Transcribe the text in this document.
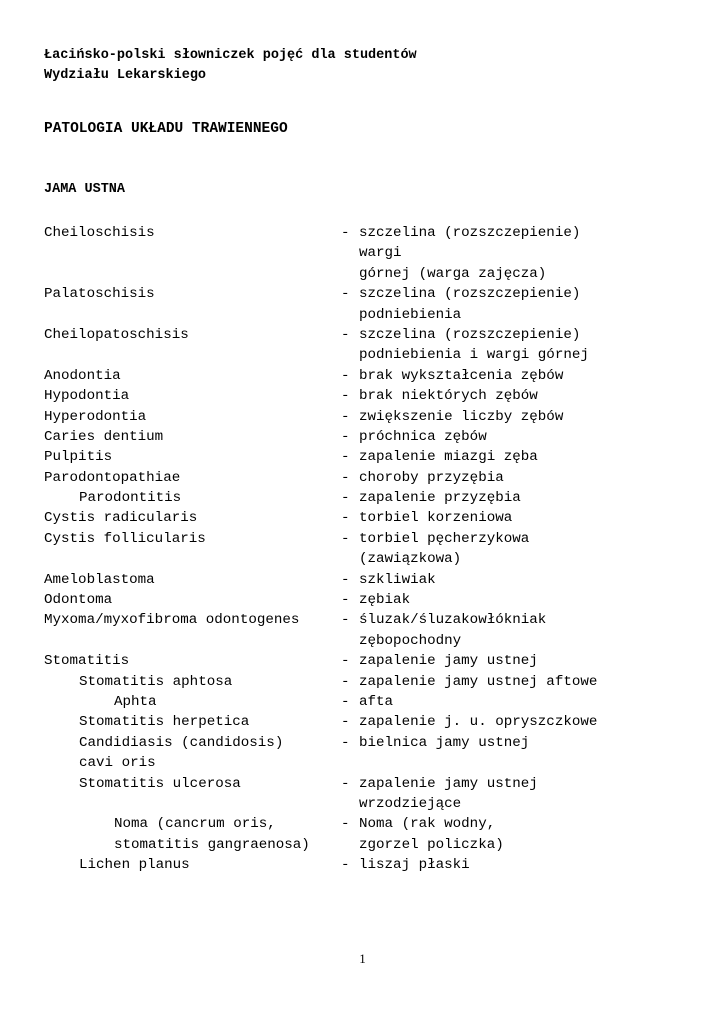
Łacińsko-polski słowniczek pojęć dla studentów
Wydziału Lekarskiego
PATOLOGIA UKŁADU TRAWIENNEGO
JAMA USTNA
Cheiloschisis	- szczelina (rozszczepienie)
wargi
górnej (warga zajęcza)
Palatoschisis	- szczelina (rozszczepienie)
podniebienia
Cheilopatoschisis	- szczelina (rozszczepienie)
podniebienia i wargi górnej
Anodontia	- brak wykształcenia zębów
Hypodontia	- brak niektórych zębów
Hyperodontia	- zwiększenie liczby zębów
Caries dentium	- próchnica zębów
Pulpitis	- zapalenie miazgi zęba
Parodontopathiae	- choroby przyzębia
Parodontitis	- zapalenie przyzębia
Cystis radicularis	- torbiel korzeniowa
Cystis follicularis	- torbiel pęcherzykowa
(zawiązkowa)
Ameloblastoma	- szkliwiak
Odontoma	- zębiak
Myxoma/myxofibroma odontogenes	- śluzak/śluzakowłókniak
zębopochodny
Stomatitis	- zapalenie jamy ustnej
Stomatitis aphtosa	- zapalenie jamy ustnej aftowe
Aphta	- afta
Stomatitis herpetica	- zapalenie j. u. opryszczkowe
Candidiasis (candidosis)	- bielnica jamy ustnej
cavi oris
Stomatitis ulcerosa	- zapalenie jamy ustnej
wrzodziejące
Noma (cancrum oris,	- Noma (rak wodny,
stomatitis gangraenosa)	zgorzel policzka)
Lichen planus	- liszaj płaski
1
